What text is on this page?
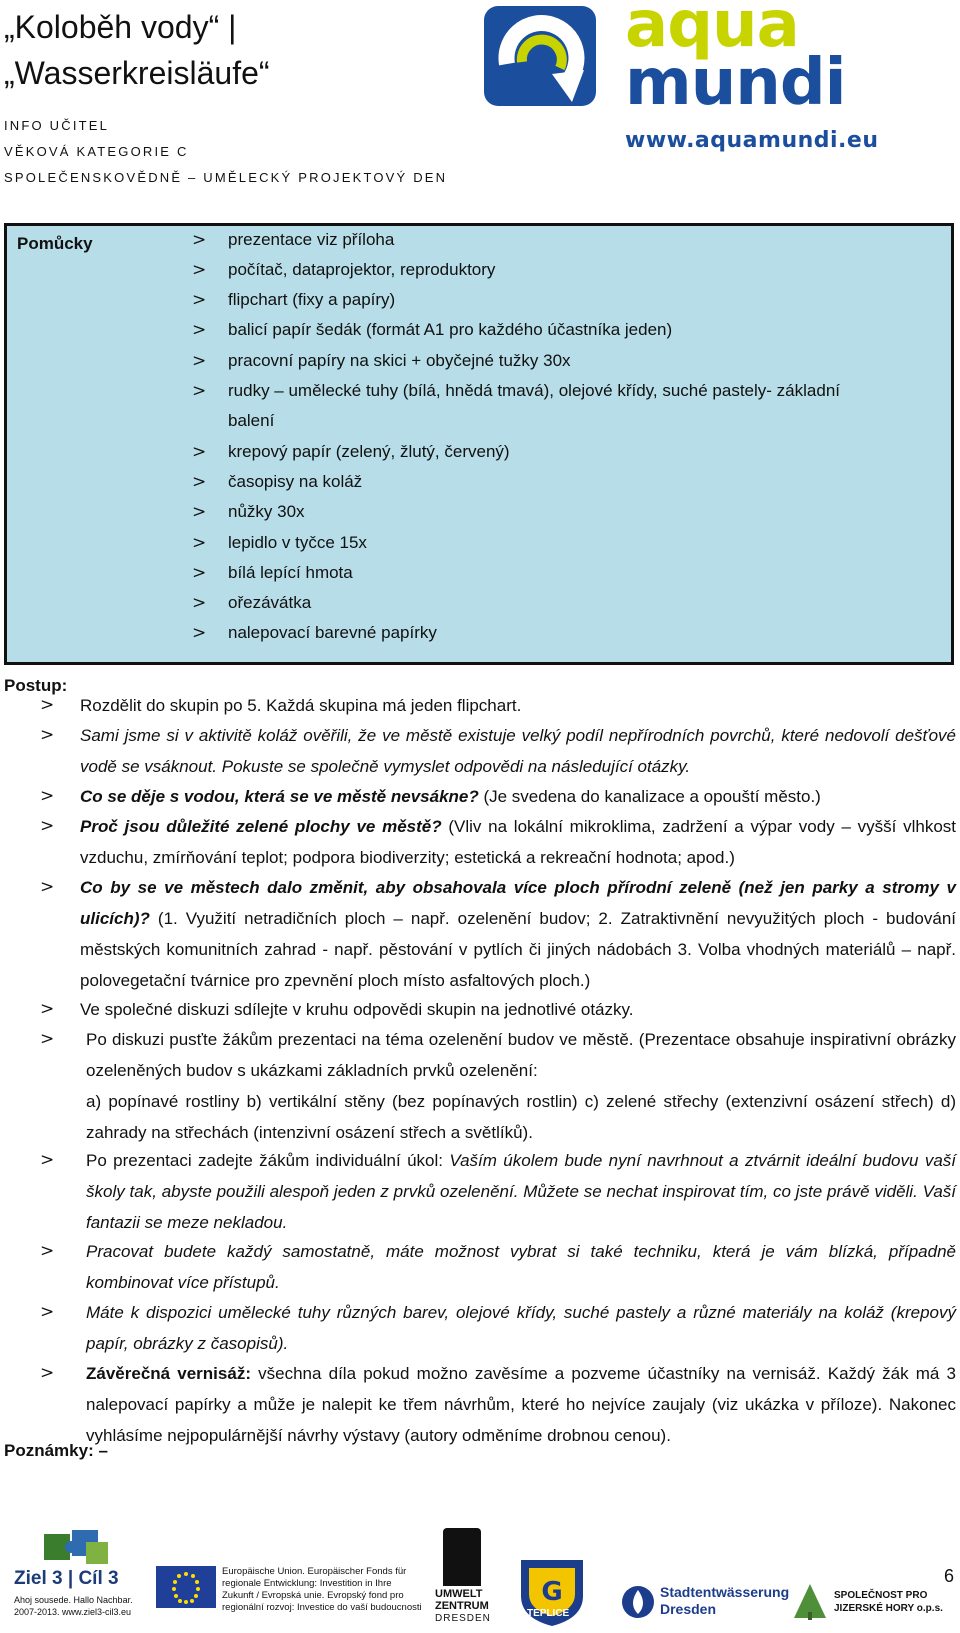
„Koloběh vody“ |
„Wasserkreisläufe“
INFO UČITEL
VĚKOVÁ KATEGORIE C
SPOLEČENSKOVĚDNĚ – UMĚLECKÝ PROJEKTOVÝ DEN
aqua
mundi
www.aquamundi.eu
Pomůcky	> prezentace viz příloha
> počítač, dataprojektor, reproduktory
> flipchart (fixy a papíry)
> balicí papír šedák (formát A1 pro každého účastníka jeden)
> pracovní papíry na skici + obyčejné tužky 30x
> rudky – umělecké tuhy (bílá, hnědá tmavá), olejové křídy, suché pastely- základní
balení
> krepový papír (zelený, žlutý, červený)
> časopisy na koláž
> nůžky 30x
> lepidlo v tyčce 15x
> bílá lepící hmota
> ořezávátka
> nalepovací barevné papírky
Postup:
>	Rozdělit do skupin po 5. Každá skupina má jeden flipchart.
>	Sami jsme si v aktivitě koláž ověřili, že ve městě existuje velký podíl nepřírodních povrchů, které nedovolí dešťové vodě se vsáknout. Pokuste se společně vymyslet odpovědi na následující otázky.
>	Co se děje s vodou, která se ve městě nevsákne? (Je svedena do kanalizace a opouští město.)
>	Proč jsou důležité zelené plochy ve městě? (Vliv na lokální mikroklima, zadržení a výpar vody – vyšší vlhkost vzduchu, zmírňování teplot; podpora biodiverzity; estetická a rekreační hodnota; apod.)
>	Co by se ve městech dalo změnit, aby obsahovala více ploch přírodní zeleně (než jen parky a stromy v ulicích)? (1. Využití netradičních ploch – např. ozelenění budov; 2. Zatraktivnění nevyužitých ploch - budování městských komunitních zahrad - např. pěstování v pytlích či jiných nádobách 3. Volba vhodných materiálů – např. polovegetační tvárnice pro zpevnění ploch místo asfaltových ploch.)
>	Ve společné diskuzi sdílejte v kruhu odpovědi skupin na jednotlivé otázky.
>	Po diskuzi pusťte žákům prezentaci na téma ozelenění budov ve městě. (Prezentace obsahuje inspirativní obrázky ozeleněných budov s ukázkami základních prvků ozelenění:
a) popínavé rostliny b) vertikální stěny (bez popínavých rostlin) c) zelené střechy (extenzivní osázení střech) d) zahrady na střechách (intenzivní osázení střech a světlíků).
>	Po prezentaci zadejte žákům individuální úkol: Vaším úkolem bude nyní navrhnout a ztvárnit ideální budovu vaší školy tak, abyste použili alespoň jeden z prvků ozelenění. Můžete se nechat inspirovat tím, co jste právě viděli. Vaší fantazii se meze nekladou.
>	Pracovat budete každý samostatně, máte možnost vybrat si také techniku, která je vám blízká, případně kombinovat více přístupů.
>	Máte k dispozici umělecké tuhy různých barev, olejové křídy, suché pastely a různé materiály na koláž (krepový papír, obrázky z časopisů).
>	Závěrečná vernisáž: všechna díla pokud možno zavěsíme a pozveme účastníky na vernisáž. Každý žák má 3 nalepovací papírky a může je nalepit ke třem návrhům, které ho nejvíce zaujaly (viz ukázka v příloze). Nakonec vyhlásíme nejpopulárnější návrhy výstavy (autory odměníme drobnou cenou).
Poznámky: –
Ziel 3 | Cíl 3
Ahoj sousede. Hallo Nachbar.
2007-2013. www.ziel3-cil3.eu
Europäische Union. Europäischer Fonds für
regionale Entwicklung: Investition in Ihre
Zukunft / Evropská unie. Evropský fond pro
regionální rozvoj: Investice do vaší budoucnosti
UMWELT
ZENTRUM
DRESDEN
G
TEPLICE
Stadtentwässerung
Dresden
SPOLEČNOST PRO
JIZERSKÉ HORY o.p.s.
6
